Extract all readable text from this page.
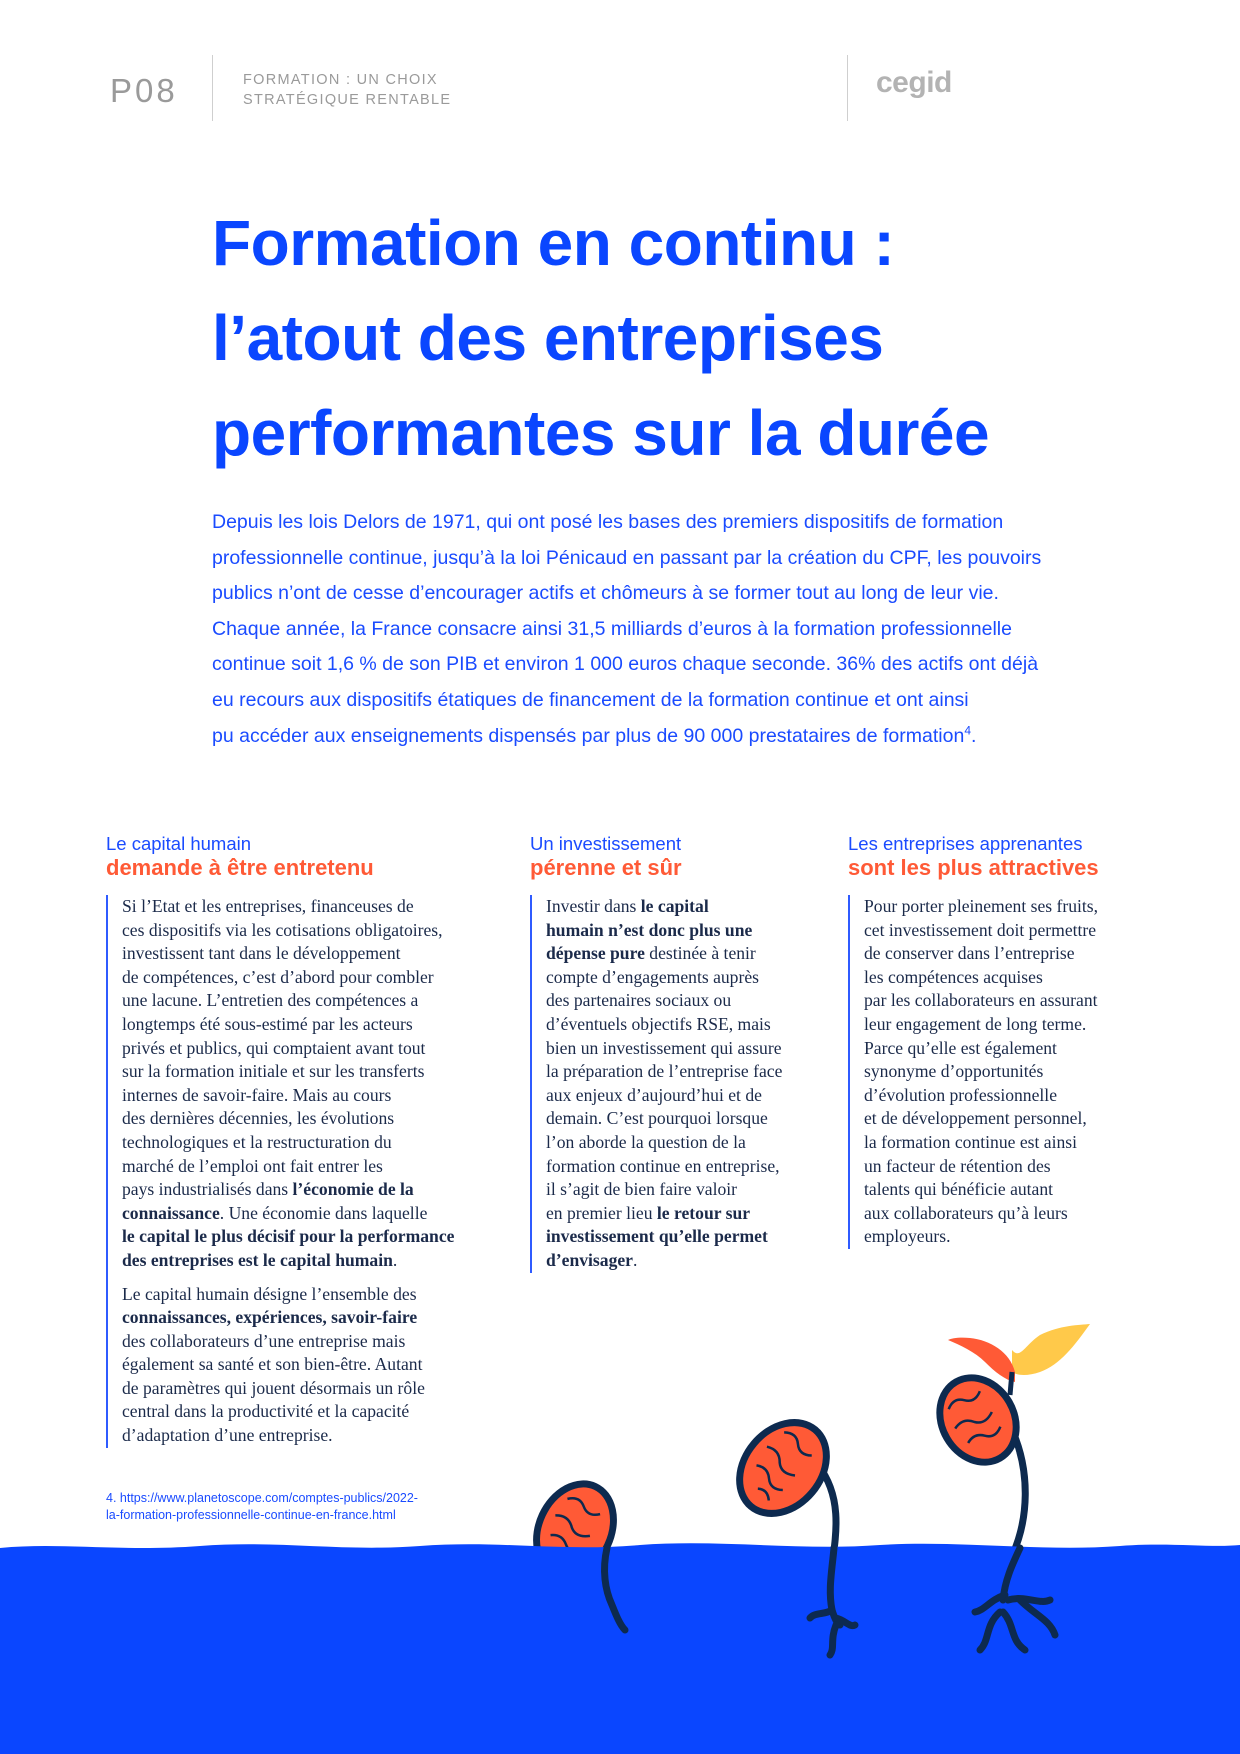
P08	FORMATION : UN CHOIX
STRATÉGIQUE RENTABLE
cegid
Formation en continu :
l’atout des entreprises
performantes sur la durée
Depuis les lois Delors de 1971, qui ont posé les bases des premiers dispositifs de formation
professionnelle continue, jusqu’à la loi Pénicaud en passant par la création du CPF, les pouvoirs
publics n’ont de cesse d’encourager actifs et chômeurs à se former tout au long de leur vie.
Chaque année, la France consacre ainsi 31,5 milliards d’euros à la formation professionnelle
continue soit 1,6 % de son PIB et environ 1 000 euros chaque seconde. 36% des actifs ont déjà
eu recours aux dispositifs étatiques de financement de la formation continue et ont ainsi
pu accéder aux enseignements dispensés par plus de 90 000 prestataires de formation$^4$.
Le capital humain
demande à être entretenu

Si l’Etat et les entreprises, financeuses de
ces dispositifs via les cotisations obligatoires,
investissent tant dans le développement
de compétences, c’est d’abord pour combler
une lacune. L’entretien des compétences a
longtemps été sous-estimé par les acteurs
privés et publics, qui comptaient avant tout
sur la formation initiale et sur les transferts
internes de savoir-faire. Mais au cours
des dernières décennies, les évolutions
technologiques et la restructuration du
marché de l’emploi ont fait entrer les
pays industrialisés dans l’économie de la
connaissance. Une économie dans laquelle
le capital le plus décisif pour la performance
des entreprises est le capital humain.

Le capital humain désigne l’ensemble des
connaissances, expériences, savoir-faire
des collaborateurs d’une entreprise mais
également sa santé et son bien-être. Autant
de paramètres qui jouent désormais un rôle
central dans la productivité et la capacité
d’adaptation d’une entreprise.

Un investissement
pérenne et sûr

Investir dans le capital
humain n’est donc plus une
dépense pure destinée à tenir
compte d’engagements auprès
des partenaires sociaux ou
d’éventuels objectifs RSE, mais
bien un investissement qui assure
la préparation de l’entreprise face
aux enjeux d’aujourd’hui et de
demain. C’est pourquoi lorsque
l’on aborde la question de la
formation continue en entreprise,
il s’agit de bien faire valoir
en premier lieu le retour sur
investissement qu’elle permet
d’envisager.

Les entreprises apprenantes
sont les plus attractives

Pour porter pleinement ses fruits,
cet investissement doit permettre
de conserver dans l’entreprise
les compétences acquises
par les collaborateurs en assurant
leur engagement de long terme.
Parce qu’elle est également
synonyme d’opportunités
d’évolution professionnelle
et de développement personnel,
la formation continue est ainsi
un facteur de rétention des
talents qui bénéficie autant
aux collaborateurs qu’à leurs
employeurs.

4. https://www.planetoscope.com/comptes-publics/2022-
la-formation-professionnelle-continue-en-france.html
